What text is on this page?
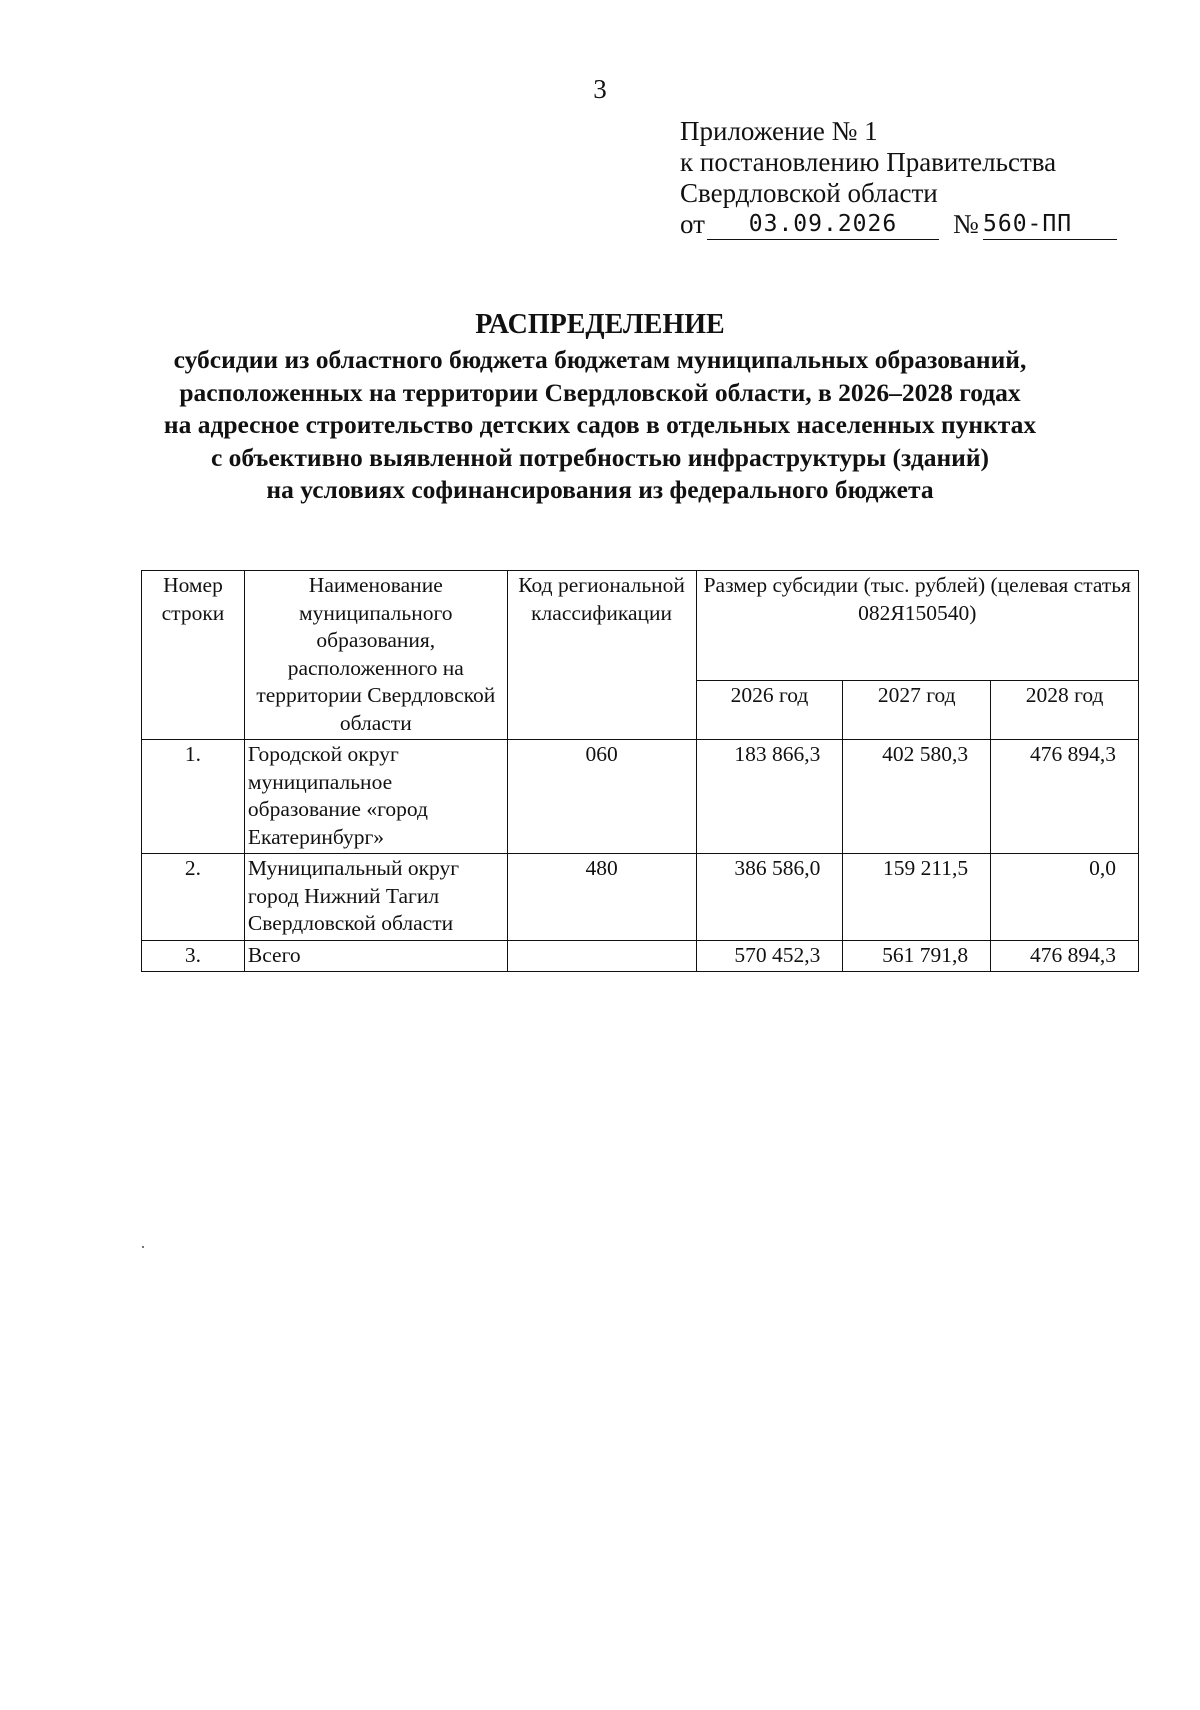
3
Приложение № 1
к постановлению Правительства
Свердловской области
от	03.09.2026	№ 560-ПП
РАСПРЕДЕЛЕНИЕ
субсидии из областного бюджета бюджетам муниципальных образований,
расположенных на территории Свердловской области, в 2026–2028 годах
на адресное строительство детских садов в отдельных населенных пунктах
с объективно выявленной потребностью инфраструктуры (зданий)
на условиях софинансирования из федерального бюджета
Номер строки	Наименование муниципального образования, расположенного на территории Свердловской области	Код региональной классификации	Размер субсидии (тыс. рублей) (целевая статья 082Я150540)		
			2026 год	2027 год	2028 год
1.	Городской округ муниципальное образование «город Екатеринбург»	060	183 866,3	402 580,3	476 894,3
2.	Муниципальный округ город Нижний Тагил Свердловской области	480	386 586,0	159 211,5	0,0
3.	Всего		570 452,3	561 791,8	476 894,3
